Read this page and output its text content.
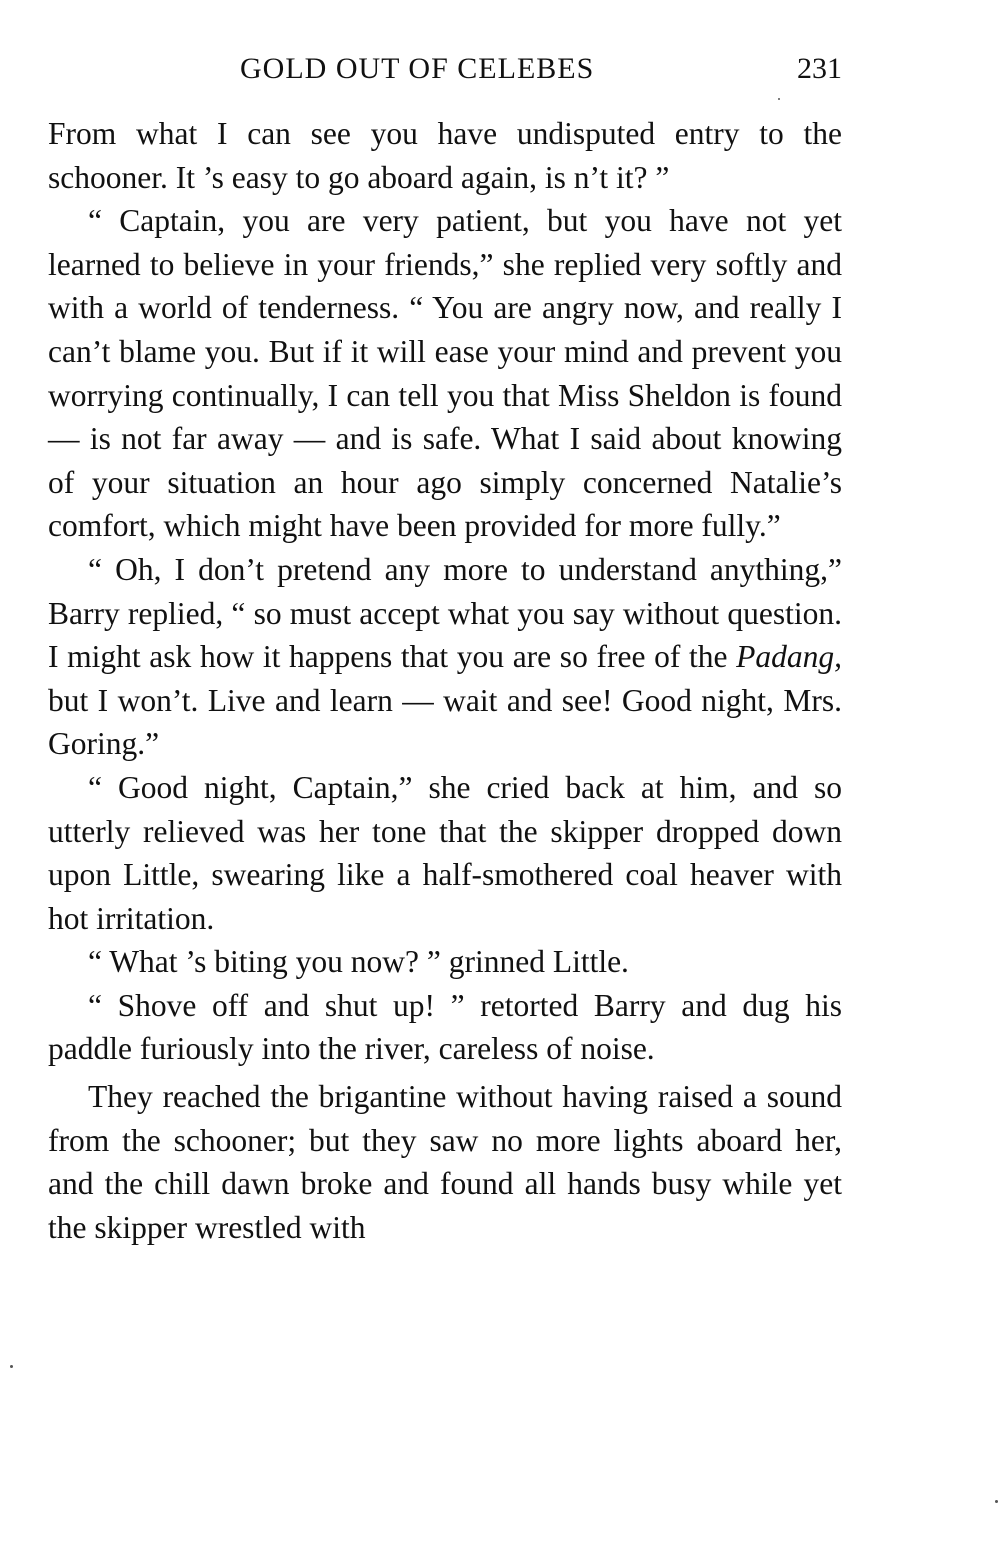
GOLD OUT OF CELEBES	231

From what I can see you have undisputed entry to the schooner. It ’s easy to go aboard again, is n’t it? ”

“ Captain, you are very patient, but you have not yet learned to believe in your friends,” she replied very softly and with a world of tenderness. “ You are angry now, and really I can’t blame you. But if it will ease your mind and prevent you worrying continually, I can tell you that Miss Sheldon is found — is not far away — and is safe. What I said about knowing of your situation an hour ago simply concerned Natalie’s comfort, which might have been provided for more fully.”

“ Oh, I don’t pretend any more to understand anything,” Barry replied, “ so must accept what you say without question. I might ask how it happens that you are so free of the Padang, but I won’t. Live and learn — wait and see! Good night, Mrs. Goring.”

“ Good night, Captain,” she cried back at him, and so utterly relieved was her tone that the skipper dropped down upon Little, swearing like a half-smothered coal heaver with hot irritation.

“ What ’s biting you now? ” grinned Little.

“ Shove off and shut up! ” retorted Barry and dug his paddle furiously into the river, careless of noise.

They reached the brigantine without having raised a sound from the schooner; but they saw no more lights aboard her, and the chill dawn broke and found all hands busy while yet the skipper wrestled with
